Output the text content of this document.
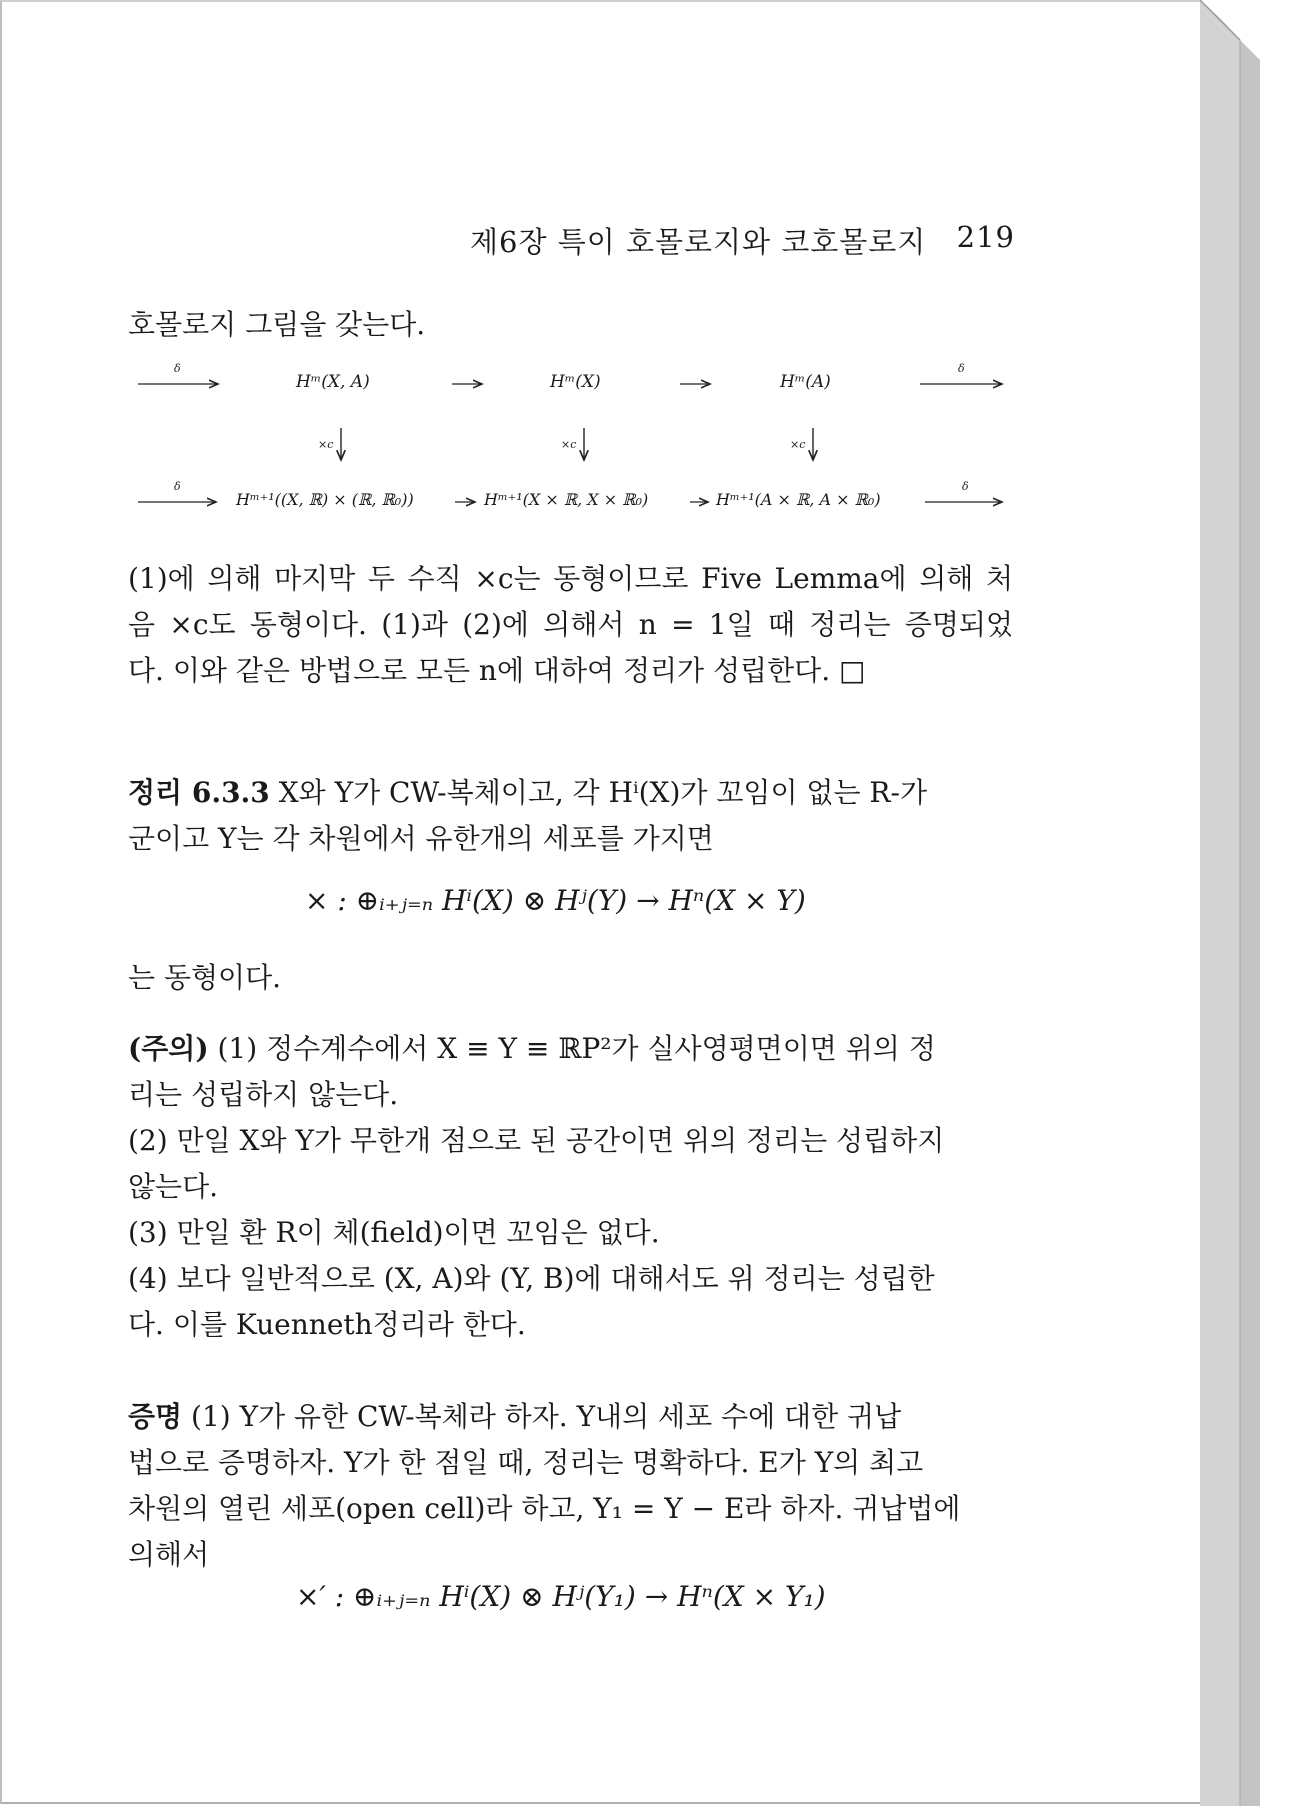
제6장 특이 호몰로지와 코호몰로지 219
호몰로지 그림을 갖는다.
δ	δ
δ	δ
Hᵐ(X, A)	Hᵐ(X)	Hᵐ(A)
×c	×c	×c
Hᵐ⁺¹((X, ℝ) × (ℝ, ℝ₀))	Hᵐ⁺¹(X × ℝ, X × ℝ₀)	Hᵐ⁺¹(A × ℝ, A × ℝ₀)
(1)에 의해 마지막 두 수직 ×c는 동형이므로 Five Lemma에 의해 처
음 ×c도 동형이다. (1)과 (2)에 의해서 n = 1일 때 정리는 증명되었
다. 이와 같은 방법으로 모든 n에 대하여 정리가 성립한다. □
정리 6.3.3 X와 Y가 CW-복체이고, 각 Hⁱ(X)가 꼬임이 없는 R-가
군이고 Y는 각 차원에서 유한개의 세포를 가지면
× : ⊕ᵢ₊ⱼ₌ₙ Hⁱ(X) ⊗ Hʲ(Y) → Hⁿ(X × Y)
는 동형이다.
(주의) (1) 정수계수에서 X ≡ Y ≡ ℝP²가 실사영평면이면 위의 정
리는 성립하지 않는다.
(2) 만일 X와 Y가 무한개 점으로 된 공간이면 위의 정리는 성립하지
않는다.
(3) 만일 환 R이 체(field)이면 꼬임은 없다.
(4) 보다 일반적으로 (X, A)와 (Y, B)에 대해서도 위 정리는 성립한
다. 이를 Kuenneth정리라 한다.
증명 (1) Y가 유한 CW-복체라 하자. Y내의 세포 수에 대한 귀납
법으로 증명하자. Y가 한 점일 때, 정리는 명확하다. E가 Y의 최고
차원의 열린 세포(open cell)라 하고, Y₁ = Y − E라 하자. 귀납법에
의해서
×′ : ⊕ᵢ₊ⱼ₌ₙ Hⁱ(X) ⊗ Hʲ(Y₁) → Hⁿ(X × Y₁)
